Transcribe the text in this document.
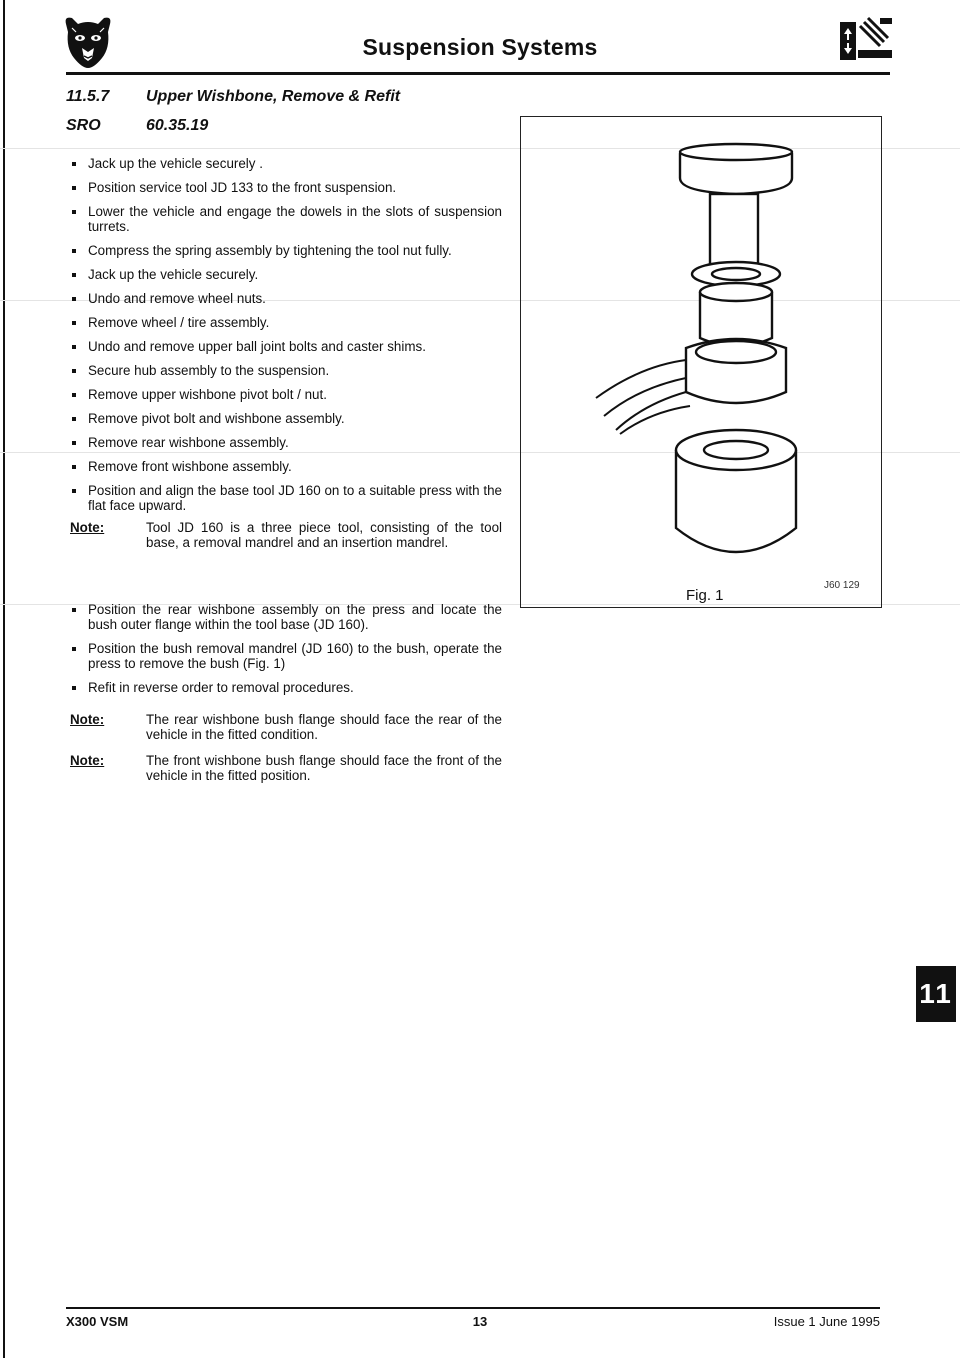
Suspension Systems
11.5.7 Upper Wishbone, Remove & Refit
SRO	60.35.19
Jack up the vehicle securely .
Position service tool JD 133 to the front suspension.
Lower the vehicle and engage the dowels in the slots of suspension turrets.
Compress the spring assembly by tightening the tool nut fully.
Jack up the vehicle securely.
Undo and remove wheel nuts.
Remove wheel / tire assembly.
Undo and remove upper ball joint bolts and caster shims.
Secure hub assembly to the suspension.
Remove upper wishbone pivot bolt / nut.
Remove pivot bolt and wishbone assembly.
Remove rear wishbone assembly.
Remove front wishbone assembly.
Position and align the base tool JD 160 on to a suitable press with the flat face upward.
Note:	Tool JD 160 is a three piece tool, consisting of the tool base, a removal mandrel and an insertion mandrel.
Position the rear wishbone assembly on the press and locate the bush outer flange within the tool base (JD 160).
Position the bush removal mandrel (JD 160) to the bush, operate the press to remove the bush (Fig. 1)
Refit in reverse order to removal procedures.
Note:	The rear wishbone bush flange should face the rear of the vehicle in the fitted condition.
Note:	The front wishbone bush flange should face the front of the vehicle in the fitted position.
Fig. 1
J60 129
11
X300 VSM	13	Issue 1 June 1995
